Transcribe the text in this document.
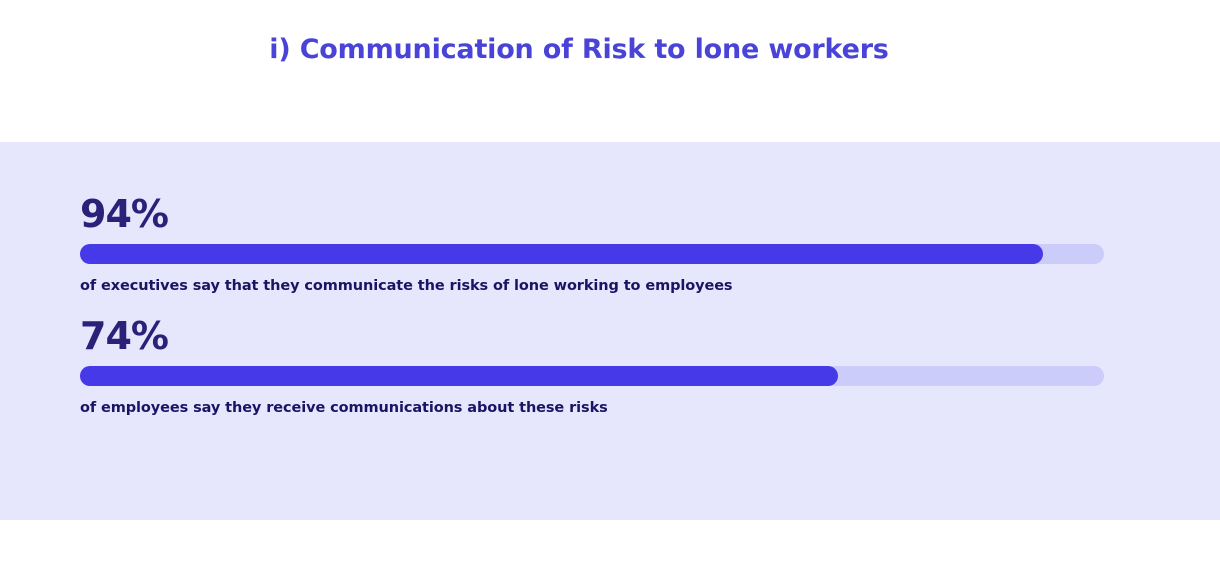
i) Communication of Risk to lone workers
94%
of executives say that they communicate the risks of lone working to employees
74%
of employees say they receive communications about these risks
